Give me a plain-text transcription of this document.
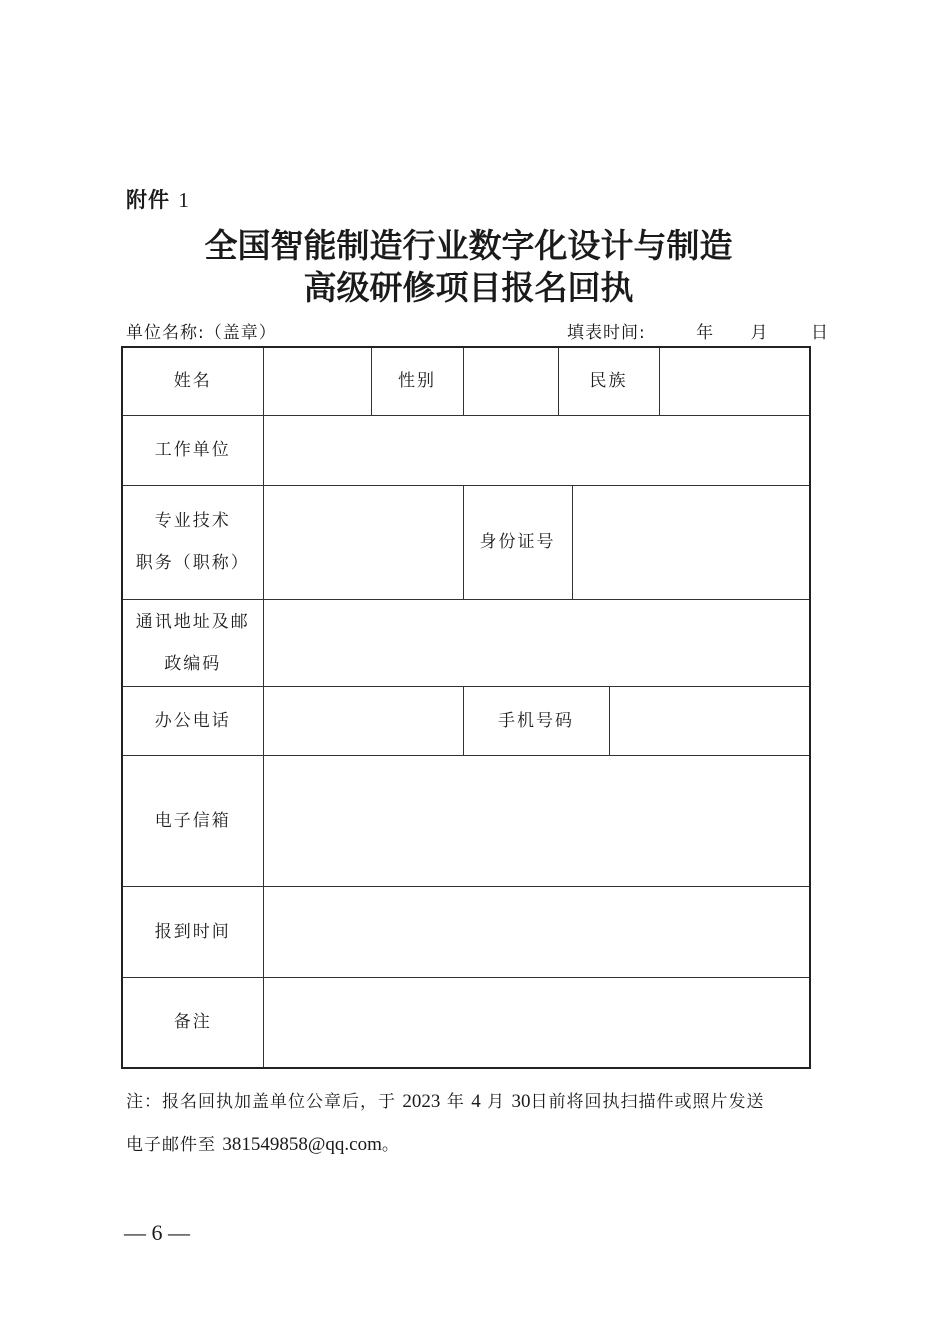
附件 1
全国智能制造行业数字化设计与制造
高级研修项目报名回执
单位名称:（盖章）	填表时间:	年 月 日
姓名		性别		民族			
工作单位							

专业技术
职务（职称）			身份证号				

通讯地址及邮
政编码							

办公电话			手机号码				
电子信箱							
报到时间							
备注							
注：报名回执加盖单位公章后，于 2023 年 4 月 30日前将回执扫描件或照片发送
电子邮件至 381549858@qq.com。
— 6 —
